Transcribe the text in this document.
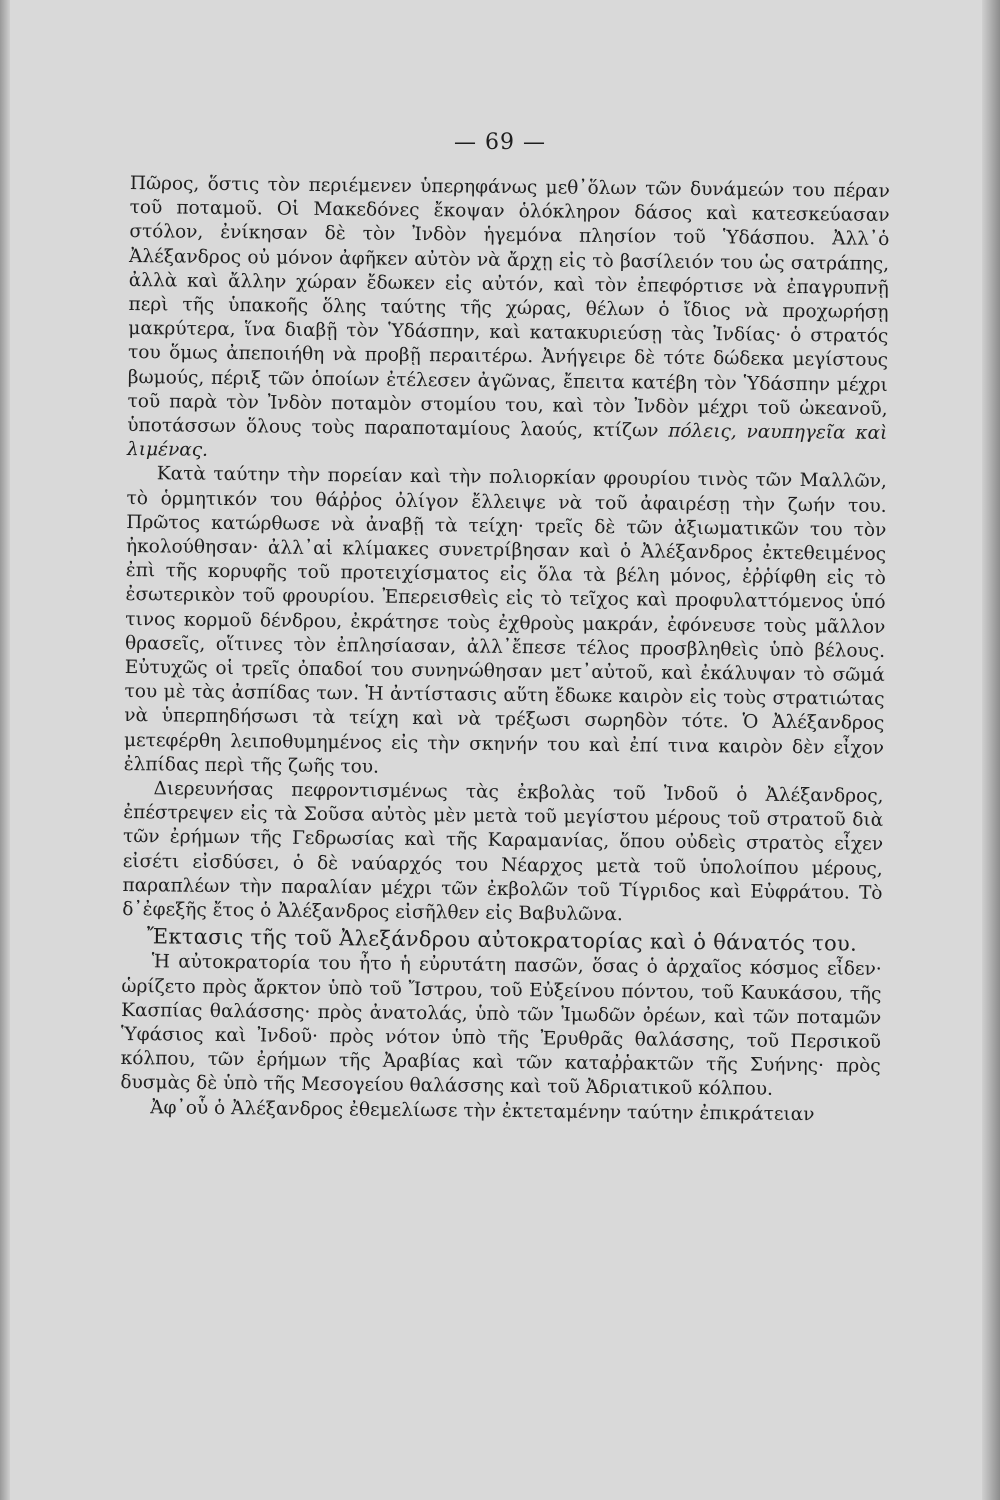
— 69 —

Πῶρος, ὅστις τὸν περιέμενεν ὑπερηφάνως μεθ᾽ὅλων τῶν δυνάμεών του πέραν τοῦ ποταμοῦ. Οἱ Μακεδόνες ἔκοψαν ὁλόκληρον δάσος καὶ κατεσκεύασαν στόλον, ἐνίκησαν δὲ τὸν Ἰνδὸν ἡγεμόνα πλησίον τοῦ Ὑδάσπου. Ἀλλ᾽ὁ Ἀλέξανδρος οὐ μόνον ἀφῆκεν αὐτὸν νὰ ἄρχῃ εἰς τὸ βασίλειόν του ὡς σατράπης, ἀλλὰ καὶ ἄλλην χώραν ἔδωκεν εἰς αὐτόν, καὶ τὸν ἐπεφόρτισε νὰ ἐπαγρυπνῇ περὶ τῆς ὑπακοῆς ὅλης ταύτης τῆς χώρας, θέλων ὁ ἴδιος νὰ προχωρήσῃ μακρύτερα, ἵνα διαβῇ τὸν Ὑδάσπην, καὶ κατακυριεύσῃ τὰς Ἰνδίας· ὁ στρατός του ὅμως ἀπεποιήθη νὰ προβῇ περαιτέρω. Ἀνήγειρε δὲ τότε δώδεκα μεγίστους βωμούς, πέριξ τῶν ὁποίων ἐτέλεσεν ἀγῶνας, ἔπειτα κατέβη τὸν Ὑδάσπην μέχρι τοῦ παρὰ τὸν Ἰνδὸν ποταμὸν στομίου του, καὶ τὸν Ἰνδὸν μέχρι τοῦ ὠκεανοῦ, ὑποτάσσων ὅλους τοὺς παραποταμίους λαούς, κτίζων πόλεις, ναυπηγεῖα καὶ λιμένας.

Κατὰ ταύτην τὴν πορείαν καὶ τὴν πολιορκίαν φρουρίου τινὸς τῶν Μαλλῶν, τὸ ὁρμητικόν του θάῤῥος ὀλίγον ἔλλειψε νὰ τοῦ ἀφαιρέσῃ τὴν ζωήν του. Πρῶτος κατώρθωσε νὰ ἀναβῇ τὰ τείχη· τρεῖς δὲ τῶν ἀξιωματικῶν του τὸν ἠκολούθησαν· ἀλλ᾽αἱ κλίμακες συνετρίβησαν καὶ ὁ Ἀλέξανδρος ἐκτεθειμένος ἐπὶ τῆς κορυφῆς τοῦ προτειχίσματος εἰς ὅλα τὰ βέλη μόνος, ἐῤῥίφθη εἰς τὸ ἐσωτερικὸν τοῦ φρουρίου. Ἐπερεισθεὶς εἰς τὸ τεῖχος καὶ προφυλαττόμενος ὑπό τινος κορμοῦ δένδρου, ἐκράτησε τοὺς ἐχθροὺς μακράν, ἐφόνευσε τοὺς μᾶλλον θρασεῖς, οἵτινες τὸν ἐπλησίασαν, ἀλλ᾽ἔπεσε τέλος προσβληθεὶς ὑπὸ βέλους. Εὐτυχῶς οἱ τρεῖς ὀπαδοί του συνηνώθησαν μετ᾽αὐτοῦ, καὶ ἐκάλυψαν τὸ σῶμά του μὲ τὰς ἀσπίδας των. Ἡ ἀντίστασις αὕτη ἔδωκε καιρὸν εἰς τοὺς στρατιώτας νὰ ὑπερπηδήσωσι τὰ τείχη καὶ νὰ τρέξωσι σωρηδὸν τότε. Ὁ Ἀλέξανδρος μετεφέρθη λειποθυμημένος εἰς τὴν σκηνήν του καὶ ἐπί τινα καιρὸν δὲν εἶχον ἐλπίδας περὶ τῆς ζωῆς του.

Διερευνήσας πεφροντισμένως τὰς ἐκβολὰς τοῦ Ἰνδοῦ ὁ Ἀλέξανδρος, ἐπέστρεψεν εἰς τὰ Σοῦσα αὐτὸς μὲν μετὰ τοῦ μεγίστου μέρους τοῦ στρατοῦ διὰ τῶν ἐρήμων τῆς Γεδρωσίας καὶ τῆς Καραμανίας, ὅπου οὐδεὶς στρατὸς εἶχεν εἰσέτι εἰσδύσει, ὁ δὲ ναύαρχός του Νέαρχος μετὰ τοῦ ὑπολοίπου μέρους, παραπλέων τὴν παραλίαν μέχρι τῶν ἐκβολῶν τοῦ Τίγριδος καὶ Εὐφράτου. Τὸ δ᾽ἐφεξῆς ἔτος ὁ Ἀλέξανδρος εἰσῆλθεν εἰς Βαβυλῶνα.

Ἔκτασις τῆς τοῦ Ἀλεξάνδρου αὐτοκρατορίας καὶ ὁ θάνατός του.

Ἡ αὐτοκρατορία του ἦτο ἡ εὐρυτάτη πασῶν, ὅσας ὁ ἀρχαῖος κόσμος εἶδεν· ὡρίζετο πρὸς ἄρκτον ὑπὸ τοῦ Ἴστρου, τοῦ Εὐξείνου πόντου, τοῦ Καυκάσου, τῆς Κασπίας θαλάσσης· πρὸς ἀνατολάς, ὑπὸ τῶν Ἰμωδῶν ὀρέων, καὶ τῶν ποταμῶν Ὑφάσιος καὶ Ἰνδοῦ· πρὸς νότον ὑπὸ τῆς Ἐρυθρᾶς θαλάσσης, τοῦ Περσικοῦ κόλπου, τῶν ἐρήμων τῆς Ἀραβίας καὶ τῶν καταῤῥακτῶν τῆς Συήνης· πρὸς δυσμὰς δὲ ὑπὸ τῆς Μεσογείου θαλάσσης καὶ τοῦ Ἀδριατικοῦ κόλπου.

Ἀφ᾽οὗ ὁ Ἀλέξανδρος ἐθεμελίωσε τὴν ἐκτεταμένην ταύτην ἐπικράτειαν
